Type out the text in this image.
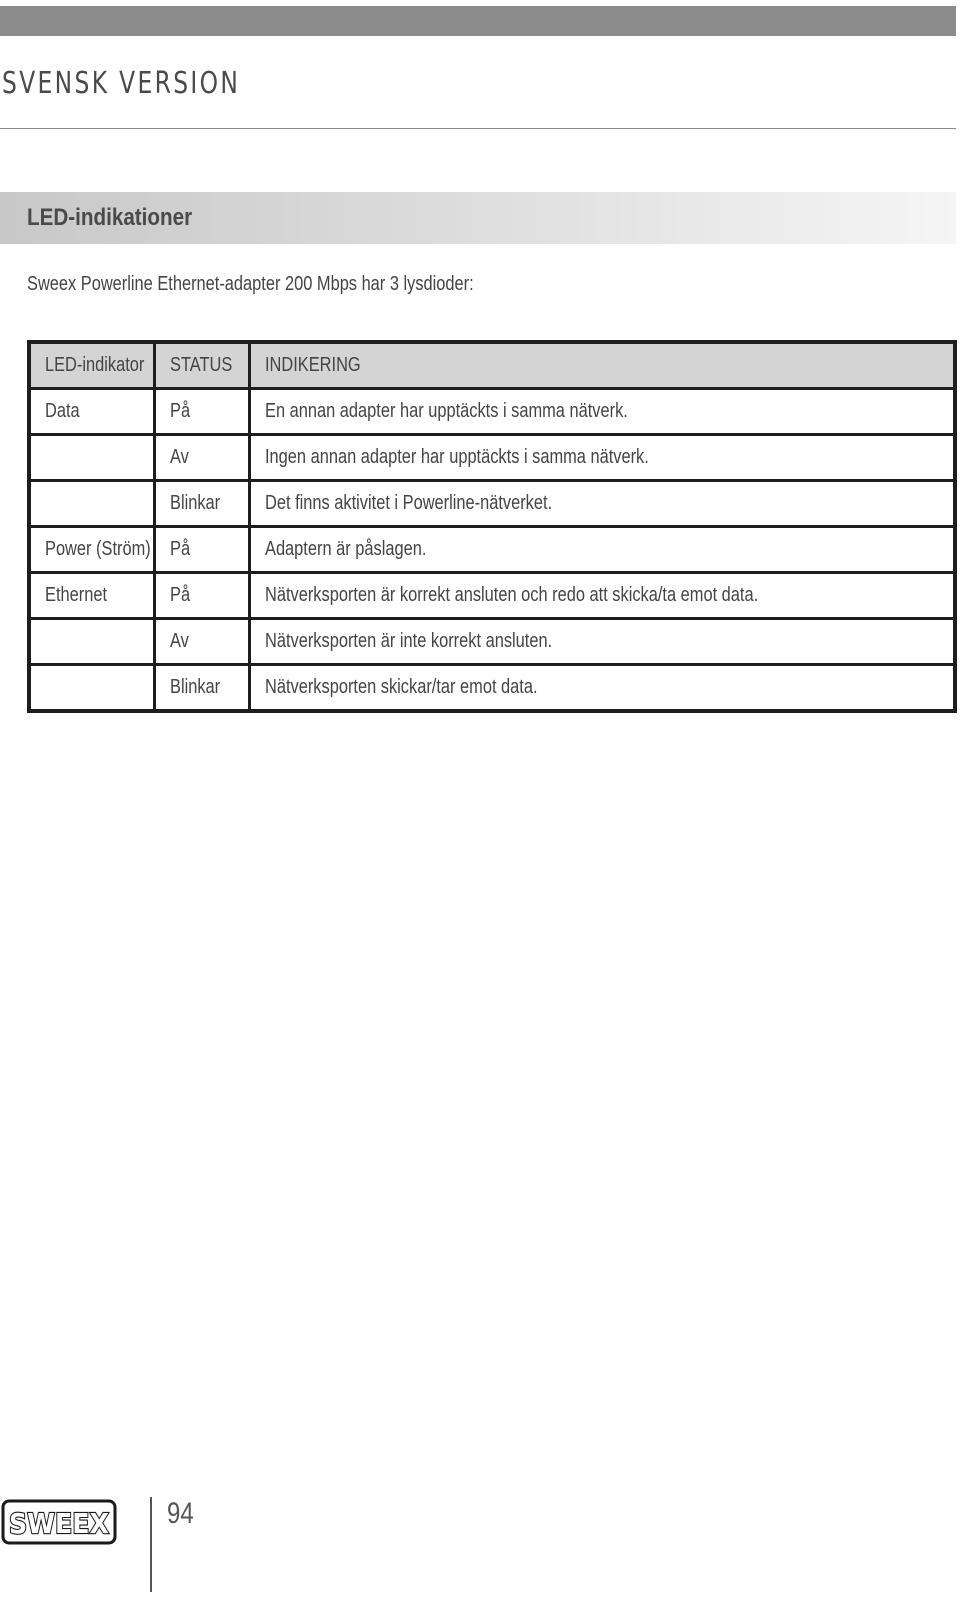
SVENSK VERSION
LED-indikationer
Sweex Powerline Ethernet-adapter 200 Mbps har 3 lysdioder:
LED-indikator	STATUS	INDIKERING
Data	På	En annan adapter har upptäckts i samma nätverk.
	Av	Ingen annan adapter har upptäckts i samma nätverk.
	Blinkar	Det finns aktivitet i Powerline-nätverket.
Power (Ström)	På	Adaptern är påslagen.
Ethernet	På	Nätverksporten är korrekt ansluten och redo att skicka/ta emot data.
	Av	Nätverksporten är inte korrekt ansluten.
	Blinkar	Nätverksporten skickar/tar emot data.
SWEEX 94
